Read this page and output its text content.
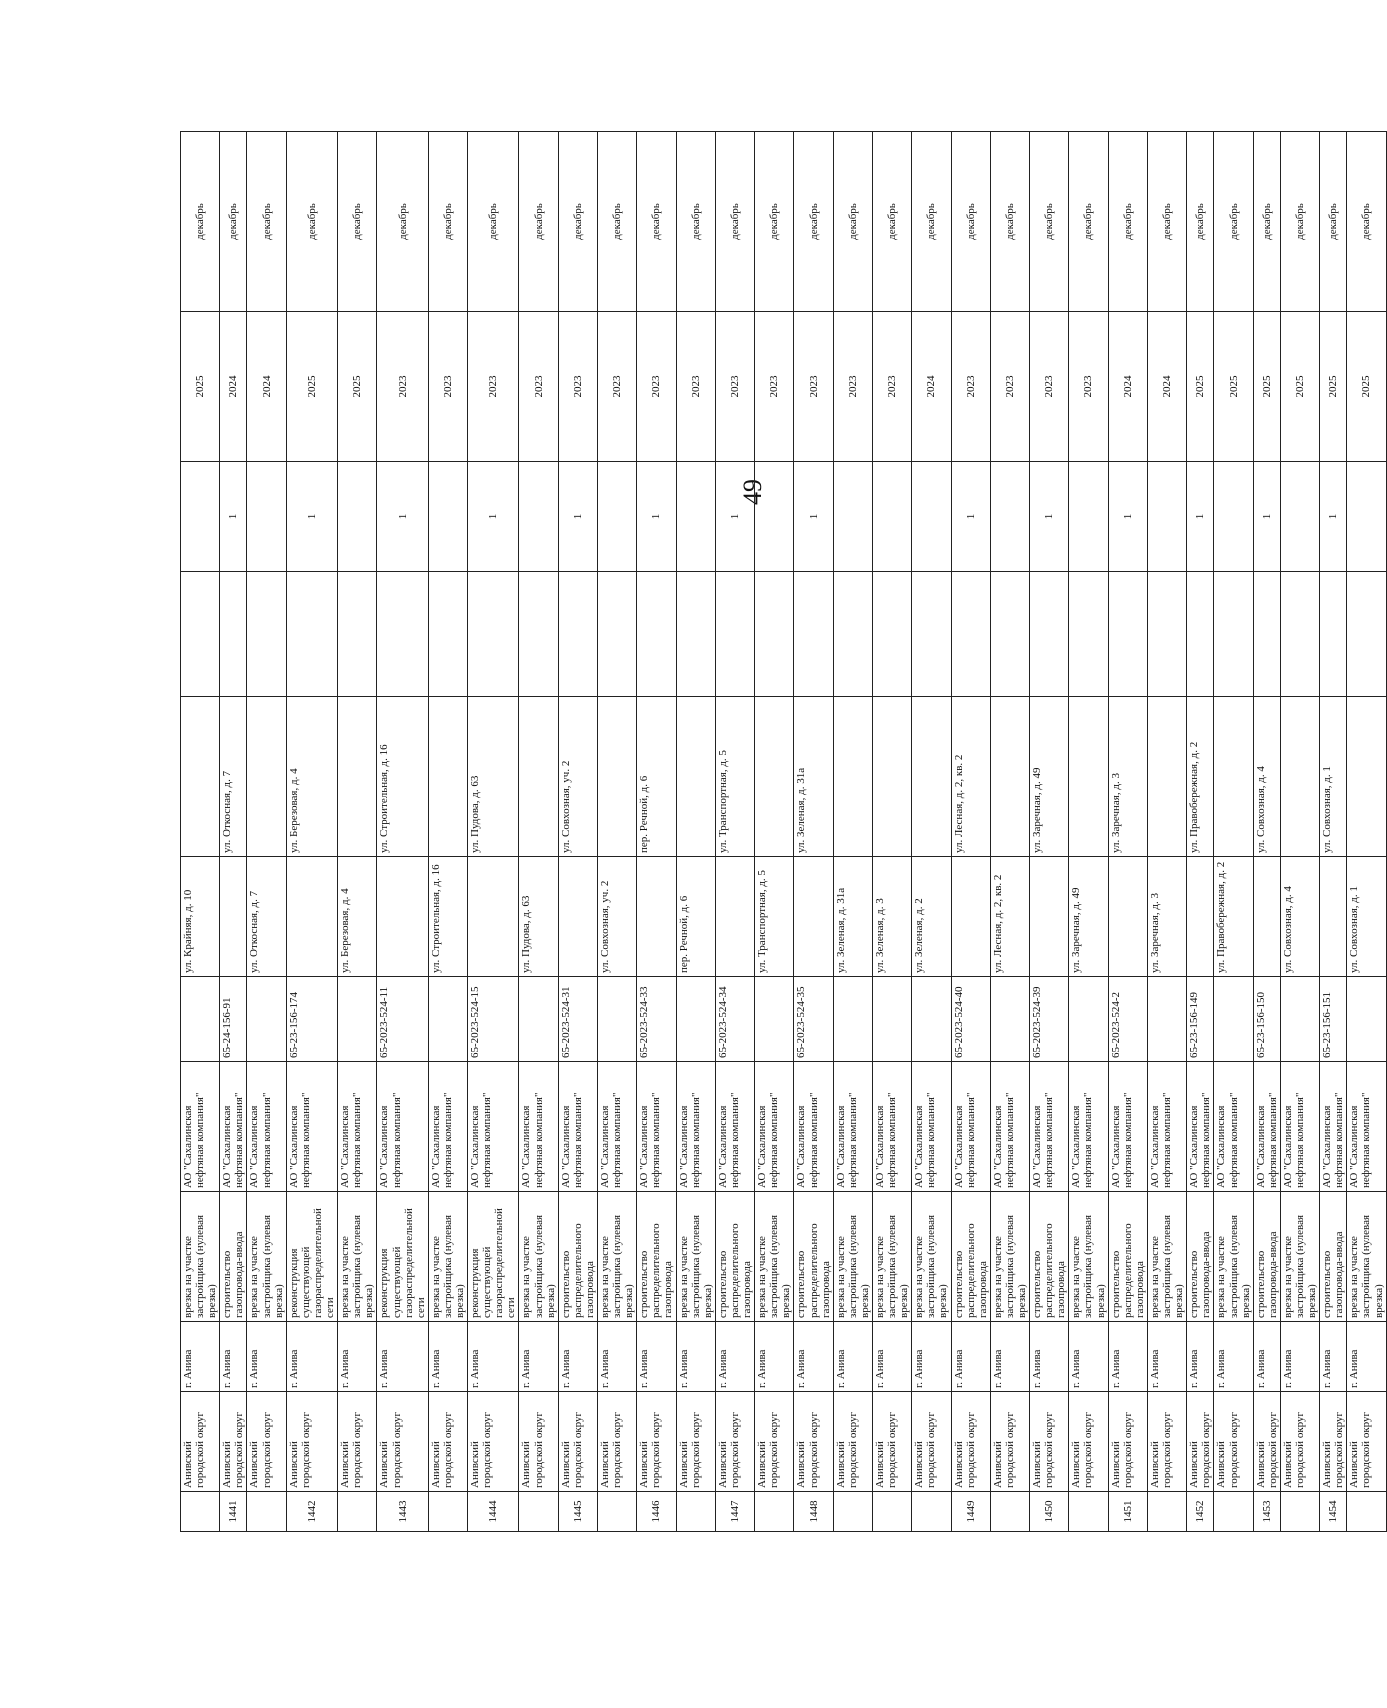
49
	Анивский городской округ	г. Анива	врезка на участке застройщика (нулевая врезка)	АО "Сахалинская нефтяная компания"		ул. Крайняя, д. 10				2025	декабрь
1441	Анивский городской округ	г. Анива	строительство газопровода-ввода	АО "Сахалинская нефтяная компания"	65-24-156-91		ул. Откосная, д. 7		1	2024	декабрь
	Анивский городской округ	г. Анива	врезка на участке застройщика (нулевая врезка)	АО "Сахалинская нефтяная компания"		ул. Откосная, д. 7				2024	декабрь
1442	Анивский городской округ	г. Анива	реконструкция существующей газораспределительной сети	АО "Сахалинская нефтяная компания"	65-23-156-174		ул. Березовая, д. 4		1	2025	декабрь
	Анивский городской округ	г. Анива	врезка на участке застройщика (нулевая врезка)	АО "Сахалинская нефтяная компания"		ул. Березовая, д. 4				2025	декабрь
1443	Анивский городской округ	г. Анива	реконструкция существующей газораспределительной сети	АО "Сахалинская нефтяная компания"	65-2023-524-11		ул. Строительная, д. 16		1	2023	декабрь
	Анивский городской округ	г. Анива	врезка на участке застройщика (нулевая врезка)	АО "Сахалинская нефтяная компания"		ул. Строительная, д. 16				2023	декабрь
1444	Анивский городской округ	г. Анива	реконструкция существующей газораспределительной сети	АО "Сахалинская нефтяная компания"	65-2023-524-15		ул. Пудова, д. 63		1	2023	декабрь
	Анивский городской округ	г. Анива	врезка на участке застройщика (нулевая врезка)	АО "Сахалинская нефтяная компания"		ул. Пудова, д. 63				2023	декабрь
1445	Анивский городской округ	г. Анива	строительство распределительного газопровода	АО "Сахалинская нефтяная компания"	65-2023-524-31		ул. Совхозная, уч. 2		1	2023	декабрь
	Анивский городской округ	г. Анива	врезка на участке застройщика (нулевая врезка)	АО "Сахалинская нефтяная компания"		ул. Совхозная, уч. 2				2023	декабрь
1446	Анивский городской округ	г. Анива	строительство распределительного газопровода	АО "Сахалинская нефтяная компания"	65-2023-524-33		пер. Речной, д. 6		1	2023	декабрь
	Анивский городской округ	г. Анива	врезка на участке застройщика (нулевая врезка)	АО "Сахалинская нефтяная компания"		пер. Речной, д. 6				2023	декабрь
1447	Анивский городской округ	г. Анива	строительство распределительного газопровода	АО "Сахалинская нефтяная компания"	65-2023-524-34		ул. Транспортная, д. 5		1	2023	декабрь
	Анивский городской округ	г. Анива	врезка на участке застройщика (нулевая врезка)	АО "Сахалинская нефтяная компания"		ул. Транспортная, д. 5				2023	декабрь
1448	Анивский городской округ	г. Анива	строительство распределительного газопровода	АО "Сахалинская нефтяная компания"	65-2023-524-35		ул. Зеленая, д. 31а		1	2023	декабрь
	Анивский городской округ	г. Анива	врезка на участке застройщика (нулевая врезка)	АО "Сахалинская нефтяная компания"		ул. Зеленая, д. 31а				2023	декабрь
	Анивский городской округ	г. Анива	врезка на участке застройщика (нулевая врезка)	АО "Сахалинская нефтяная компания"		ул. Зеленая, д. 3				2023	декабрь
	Анивский городской округ	г. Анива	врезка на участке застройщика (нулевая врезка)	АО "Сахалинская нефтяная компания"		ул. Зеленая, д. 2				2024	декабрь
1449	Анивский городской округ	г. Анива	строительство распределительного газопровода	АО "Сахалинская нефтяная компания"	65-2023-524-40		ул. Лесная, д. 2, кв. 2		1	2023	декабрь
	Анивский городской округ	г. Анива	врезка на участке застройщика (нулевая врезка)	АО "Сахалинская нефтяная компания"		ул. Лесная, д. 2, кв. 2				2023	декабрь
1450	Анивский городской округ	г. Анива	строительство распределительного газопровода	АО "Сахалинская нефтяная компания"	65-2023-524-39		ул. Заречная, д. 49		1	2023	декабрь
	Анивский городской округ	г. Анива	врезка на участке застройщика (нулевая врезка)	АО "Сахалинская нефтяная компания"		ул. Заречная, д. 49				2023	декабрь
1451	Анивский городской округ	г. Анива	строительство распределительного газопровода	АО "Сахалинская нефтяная компания"	65-2023-524-2		ул. Заречная, д. 3		1	2024	декабрь
	Анивский городской округ	г. Анива	врезка на участке застройщика (нулевая врезка)	АО "Сахалинская нефтяная компания"		ул. Заречная, д. 3				2024	декабрь
1452	Анивский городской округ	г. Анива	строительство газопровода-ввода	АО "Сахалинская нефтяная компания"	65-23-156-149		ул. Правобережная, д. 2		1	2025	декабрь
	Анивский городской округ	г. Анива	врезка на участке застройщика (нулевая врезка)	АО "Сахалинская нефтяная компания"		ул. Правобережная, д. 2				2025	декабрь
1453	Анивский городской округ	г. Анива	строительство газопровода-ввода	АО "Сахалинская нефтяная компания"	65-23-156-150		ул. Совхозная, д. 4		1	2025	декабрь
	Анивский городской округ	г. Анива	врезка на участке застройщика (нулевая врезка)	АО "Сахалинская нефтяная компания"		ул. Совхозная, д. 4				2025	декабрь
1454	Анивский городской округ	г. Анива	строительство газопровода-ввода	АО "Сахалинская нефтяная компания"	65-23-156-151		ул. Совхозная, д. 1		1	2025	декабрь
	Анивский городской округ	г. Анива	врезка на участке застройщика (нулевая врезка)	АО "Сахалинская нефтяная компания"		ул. Совхозная, д. 1				2025	декабрь
